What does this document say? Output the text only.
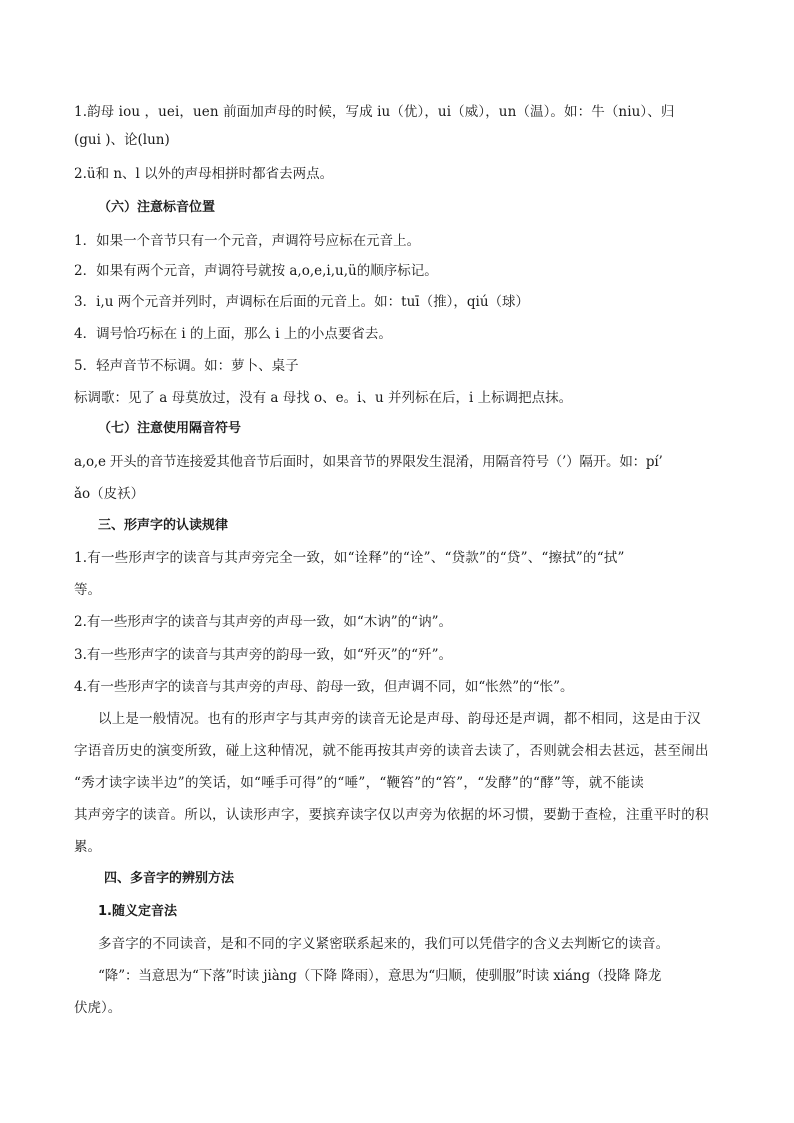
1.韵母 iou ，uei，uen 前面加声母的时候，写成 iu（优），ui（威），un（温）。如：牛（niu）、归
(gui )、论(lun)
2.ü和 n、l 以外的声母相拼时都省去两点。
（六）注意标音位置
1．如果一个音节只有一个元音，声调符号应标在元音上。
2．如果有两个元音，声调符号就按 a,o,e,i,u,ü的顺序标记。
3．i,u 两个元音并列时，声调标在后面的元音上。如：tuī（推），qiú（球）
4．调号恰巧标在 i 的上面，那么 i 上的小点要省去。
5．轻声音节不标调。如：萝卜、桌子
标调歌：见了 a 母莫放过，没有 a 母找 o、e。i、u 并列标在后，i 上标调把点抹。
（七）注意使用隔音符号
a,o,e 开头的音节连接爱其他音节后面时，如果音节的界限发生混淆，用隔音符号（’）隔开。如：pí’
ǎo（皮袄）
三、形声字的认读规律
1.有一些形声字的读音与其声旁完全一致，如“诠释”的“诠”、“贷款”的“贷”、“擦拭”的“拭”
等。
2.有一些形声字的读音与其声旁的声母一致，如“木讷”的“讷”。
3.有一些形声字的读音与其声旁的韵母一致，如“歼灭”的“歼”。
4.有一些形声字的读音与其声旁的声母、韵母一致，但声调不同，如“怅然”的“怅”。
以上是一般情况。也有的形声字与其声旁的读音无论是声母、韵母还是声调，都不相同，这是由于汉
字语音历史的演变所致，碰上这种情况，就不能再按其声旁的读音去读了，否则就会相去甚远，甚至闹出
“秀才读字读半边”的笑话，如“唾手可得”的“唾”，“鞭笞”的“笞”，“发酵”的“酵”等，就不能读
其声旁字的读音。所以，认读形声字，要摈弃读字仅以声旁为依据的坏习惯，要勤于查检，注重平时的积
累。
四、多音字的辨别方法
1.随义定音法
多音字的不同读音，是和不同的字义紧密联系起来的，我们可以凭借字的含义去判断它的读音。
“降”：当意思为“下落”时读 jiàng（下降 降雨），意思为“归顺，使驯服”时读 xiáng（投降 降龙
伏虎）。
